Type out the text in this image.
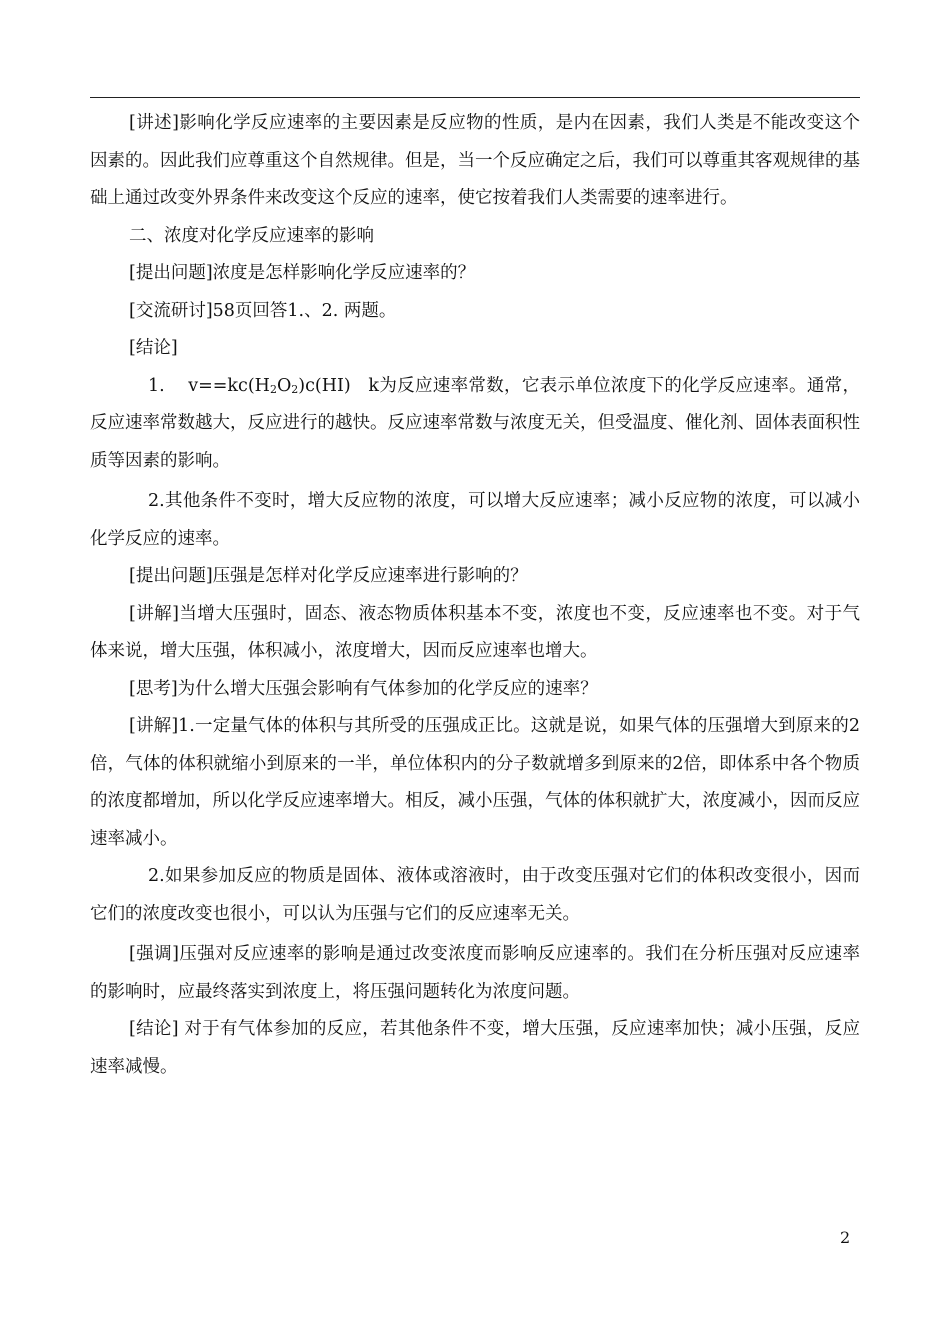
[讲述]影响化学反应速率的主要因素是反应物的性质，是内在因素，我们人类是不能改变这个因素的。因此我们应尊重这个自然规律。但是，当一个反应确定之后，我们可以尊重其客观规律的基础上通过改变外界条件来改变这个反应的速率，使它按着我们人类需要的速率进行。

二、浓度对化学反应速率的影响

[提出问题]浓度是怎样影响化学反应速率的？

[交流研讨]58页回答1.、2. 两题。

[结论]

1. $v==kc(H_2O_2)c(HI)$ k为反应速率常数，它表示单位浓度下的化学反应速率。通常，反应速率常数越大，反应进行的越快。反应速率常数与浓度无关，但受温度、催化剂、固体表面积性质等因素的影响。

2.其他条件不变时，增大反应物的浓度，可以增大反应速率；减小反应物的浓度，可以减小化学反应的速率。

[提出问题]压强是怎样对化学反应速率进行影响的？

[讲解]当增大压强时，固态、液态物质体积基本不变，浓度也不变，反应速率也不变。对于气体来说，增大压强，体积减小，浓度增大，因而反应速率也增大。

[思考]为什么增大压强会影响有气体参加的化学反应的速率？

[讲解]1.一定量气体的体积与其所受的压强成正比。这就是说，如果气体的压强增大到原来的2倍，气体的体积就缩小到原来的一半，单位体积内的分子数就增多到原来的2倍，即体系中各个物质的浓度都增加，所以化学反应速率增大。相反，减小压强，气体的体积就扩大，浓度减小，因而反应速率减小。

2.如果参加反应的物质是固体、液体或溶液时，由于改变压强对它们的体积改变很小，因而它们的浓度改变也很小，可以认为压强与它们的反应速率无关。

[强调]压强对反应速率的影响是通过改变浓度而影响反应速率的。我们在分析压强对反应速率的影响时，应最终落实到浓度上，将压强问题转化为浓度问题。

[结论] 对于有气体参加的反应，若其他条件不变，增大压强，反应速率加快；减小压强，反应速率减慢。

2
